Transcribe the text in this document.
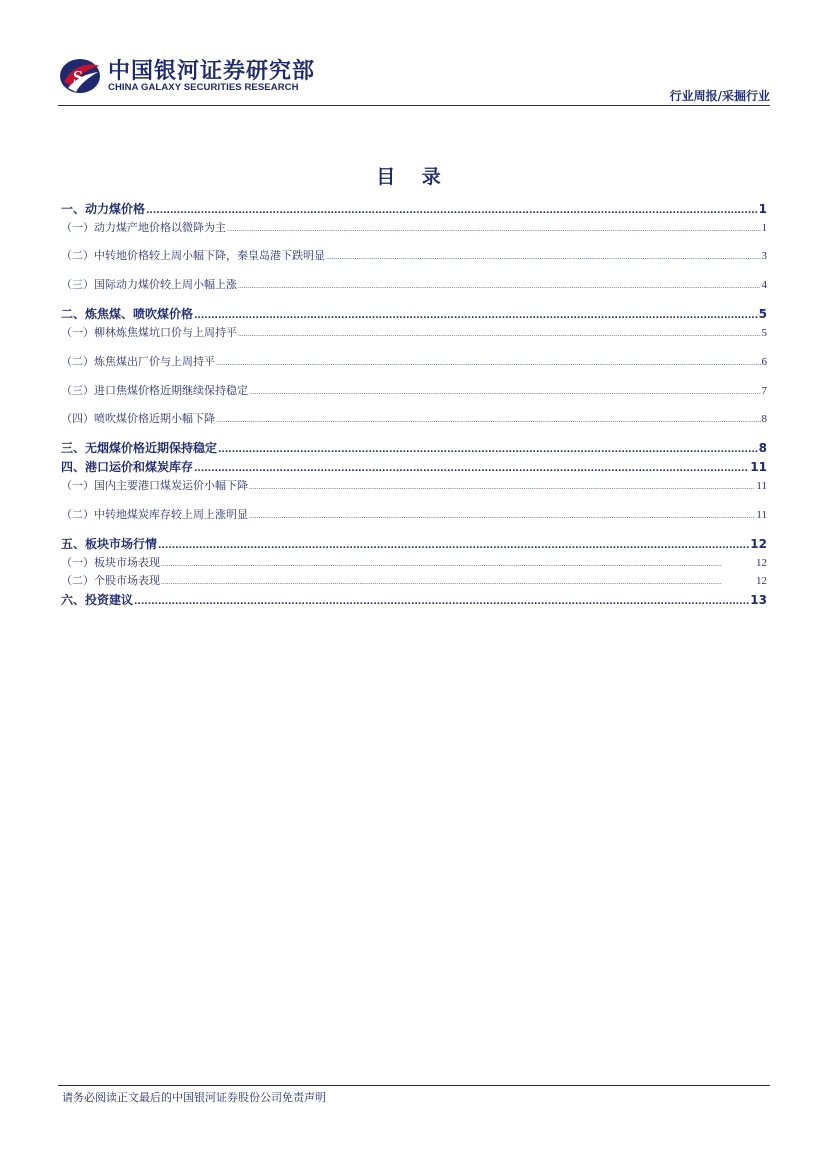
S 中国银河证券研究部
CHINA GALAXY SECURITIES RESEARCH
行业周报/采掘行业
目 录
一、动力煤价格 .....	1
（一）动力煤产地价格以微降为主 .....	1
（二）中转地价格较上周小幅下降，秦皇岛港下跌明显 .....	3
（三）国际动力煤价较上周小幅上涨 .....	4
二、炼焦煤、喷吹煤价格 .....	5
（一）柳林炼焦煤坑口价与上周持平 .....	5
（二）炼焦煤出厂价与上周持平 .....	6
（三）进口焦煤价格近期继续保持稳定 .....	7
（四）喷吹煤价格近期小幅下降 .....	8
三、无烟煤价格近期保持稳定 .....	8
四、港口运价和煤炭库存 .....	11
（一）国内主要港口煤炭运价小幅下降 .....	11
（二）中转地煤炭库存较上周上涨明显 .....	11
五、板块市场行情 .....	12
（一）板块市场表现 .....	12
（二）个股市场表现 .....	12
六、投资建议 .....	13
请务必阅读正文最后的中国银河证券股份公司免责声明
